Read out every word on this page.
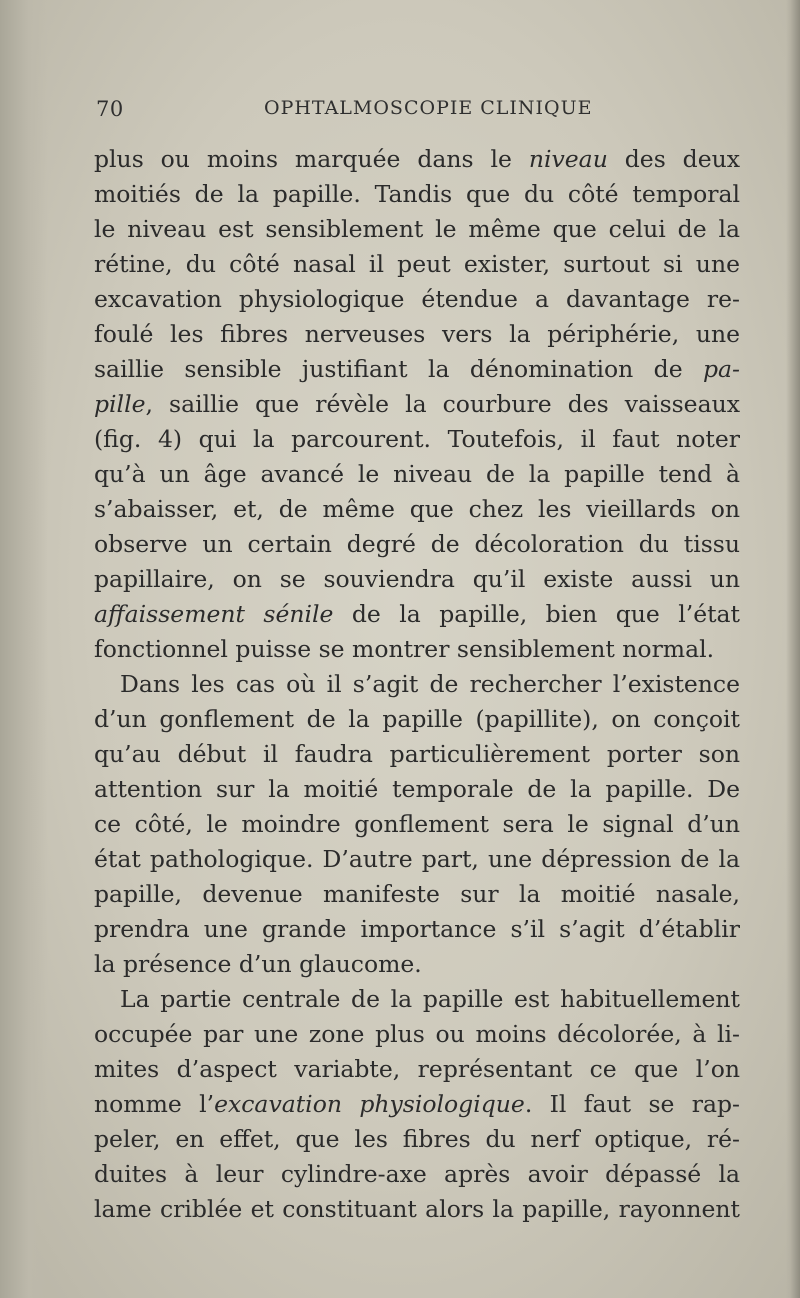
70	OPHTALMOSCOPIE CLINIQUE
plus ou moins marquée dans le niveau des deux
moitiés de la papille. Tandis que du côté temporal
le niveau est sensiblement le même que celui de la
rétine, du côté nasal il peut exister, surtout si une
excavation physiologique étendue a davantage re-
foulé les fibres nerveuses vers la périphérie, une
saillie sensible justifiant la dénomination de pa-
pille, saillie que révèle la courbure des vaisseaux
(fig. 4) qui la parcourent. Toutefois, il faut noter
qu’à un âge avancé le niveau de la papille tend à
s’abaisser, et, de même que chez les vieillards on
observe un certain degré de décoloration du tissu
papillaire, on se souviendra qu’il existe aussi un
affaissement sénile de la papille, bien que l’état
fonctionnel puisse se montrer sensiblement normal.
Dans les cas où il s’agit de rechercher l’existence
d’un gonflement de la papille (papillite), on conçoit
qu’au début il faudra particulièrement porter son
attention sur la moitié temporale de la papille. De
ce côté, le moindre gonflement sera le signal d’un
état pathologique. D’autre part, une dépression de la
papille, devenue manifeste sur la moitié nasale,
prendra une grande importance s’il s’agit d’établir
la présence d’un glaucome.
La partie centrale de la papille est habituellement
occupée par une zone plus ou moins décolorée, à li-
mites d’aspect variabte, représentant ce que l’on
nomme l’excavation physiologique. Il faut se rap-
peler, en effet, que les fibres du nerf optique, ré-
duites à leur cylindre-axe après avoir dépassé la
lame criblée et constituant alors la papille, rayonnent
